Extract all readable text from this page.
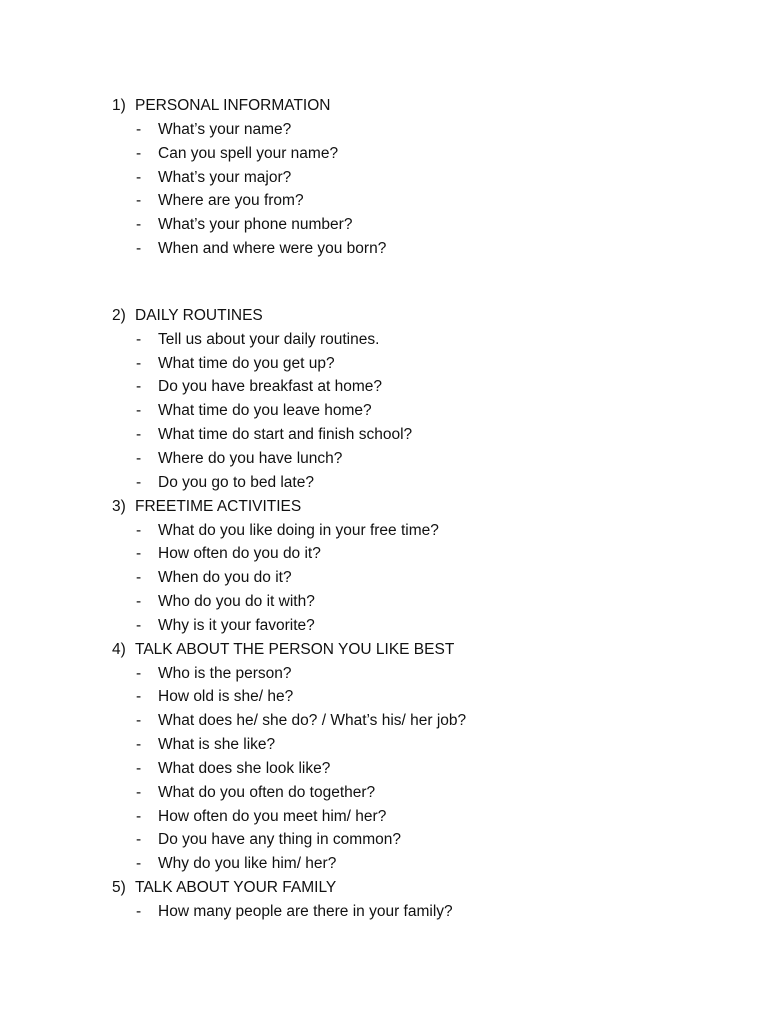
1) PERSONAL INFORMATION
- What’s your name?
- Can you spell your name?
- What’s your major?
- Where are you from?
- What’s your phone number?
- When and where were you born?
2) DAILY ROUTINES
- Tell us about your daily routines.
- What time do you get up?
- Do you have breakfast at home?
- What time do you leave home?
- What time do start and finish school?
- Where do you have lunch?
- Do you go to bed late?
3) FREETIME ACTIVITIES
- What do you like doing in your free time?
- How often do you do it?
- When do you do it?
- Who do you do it with?
- Why is it your favorite?
4) TALK ABOUT THE PERSON YOU LIKE BEST
- Who is the person?
- How old is she/ he?
- What does he/ she do? / What’s his/ her job?
- What is she like?
- What does she look like?
- What do you often do together?
- How often do you meet him/ her?
- Do you have any thing in common?
- Why do you like him/ her?
5) TALK ABOUT YOUR FAMILY
- How many people are there in your family?
